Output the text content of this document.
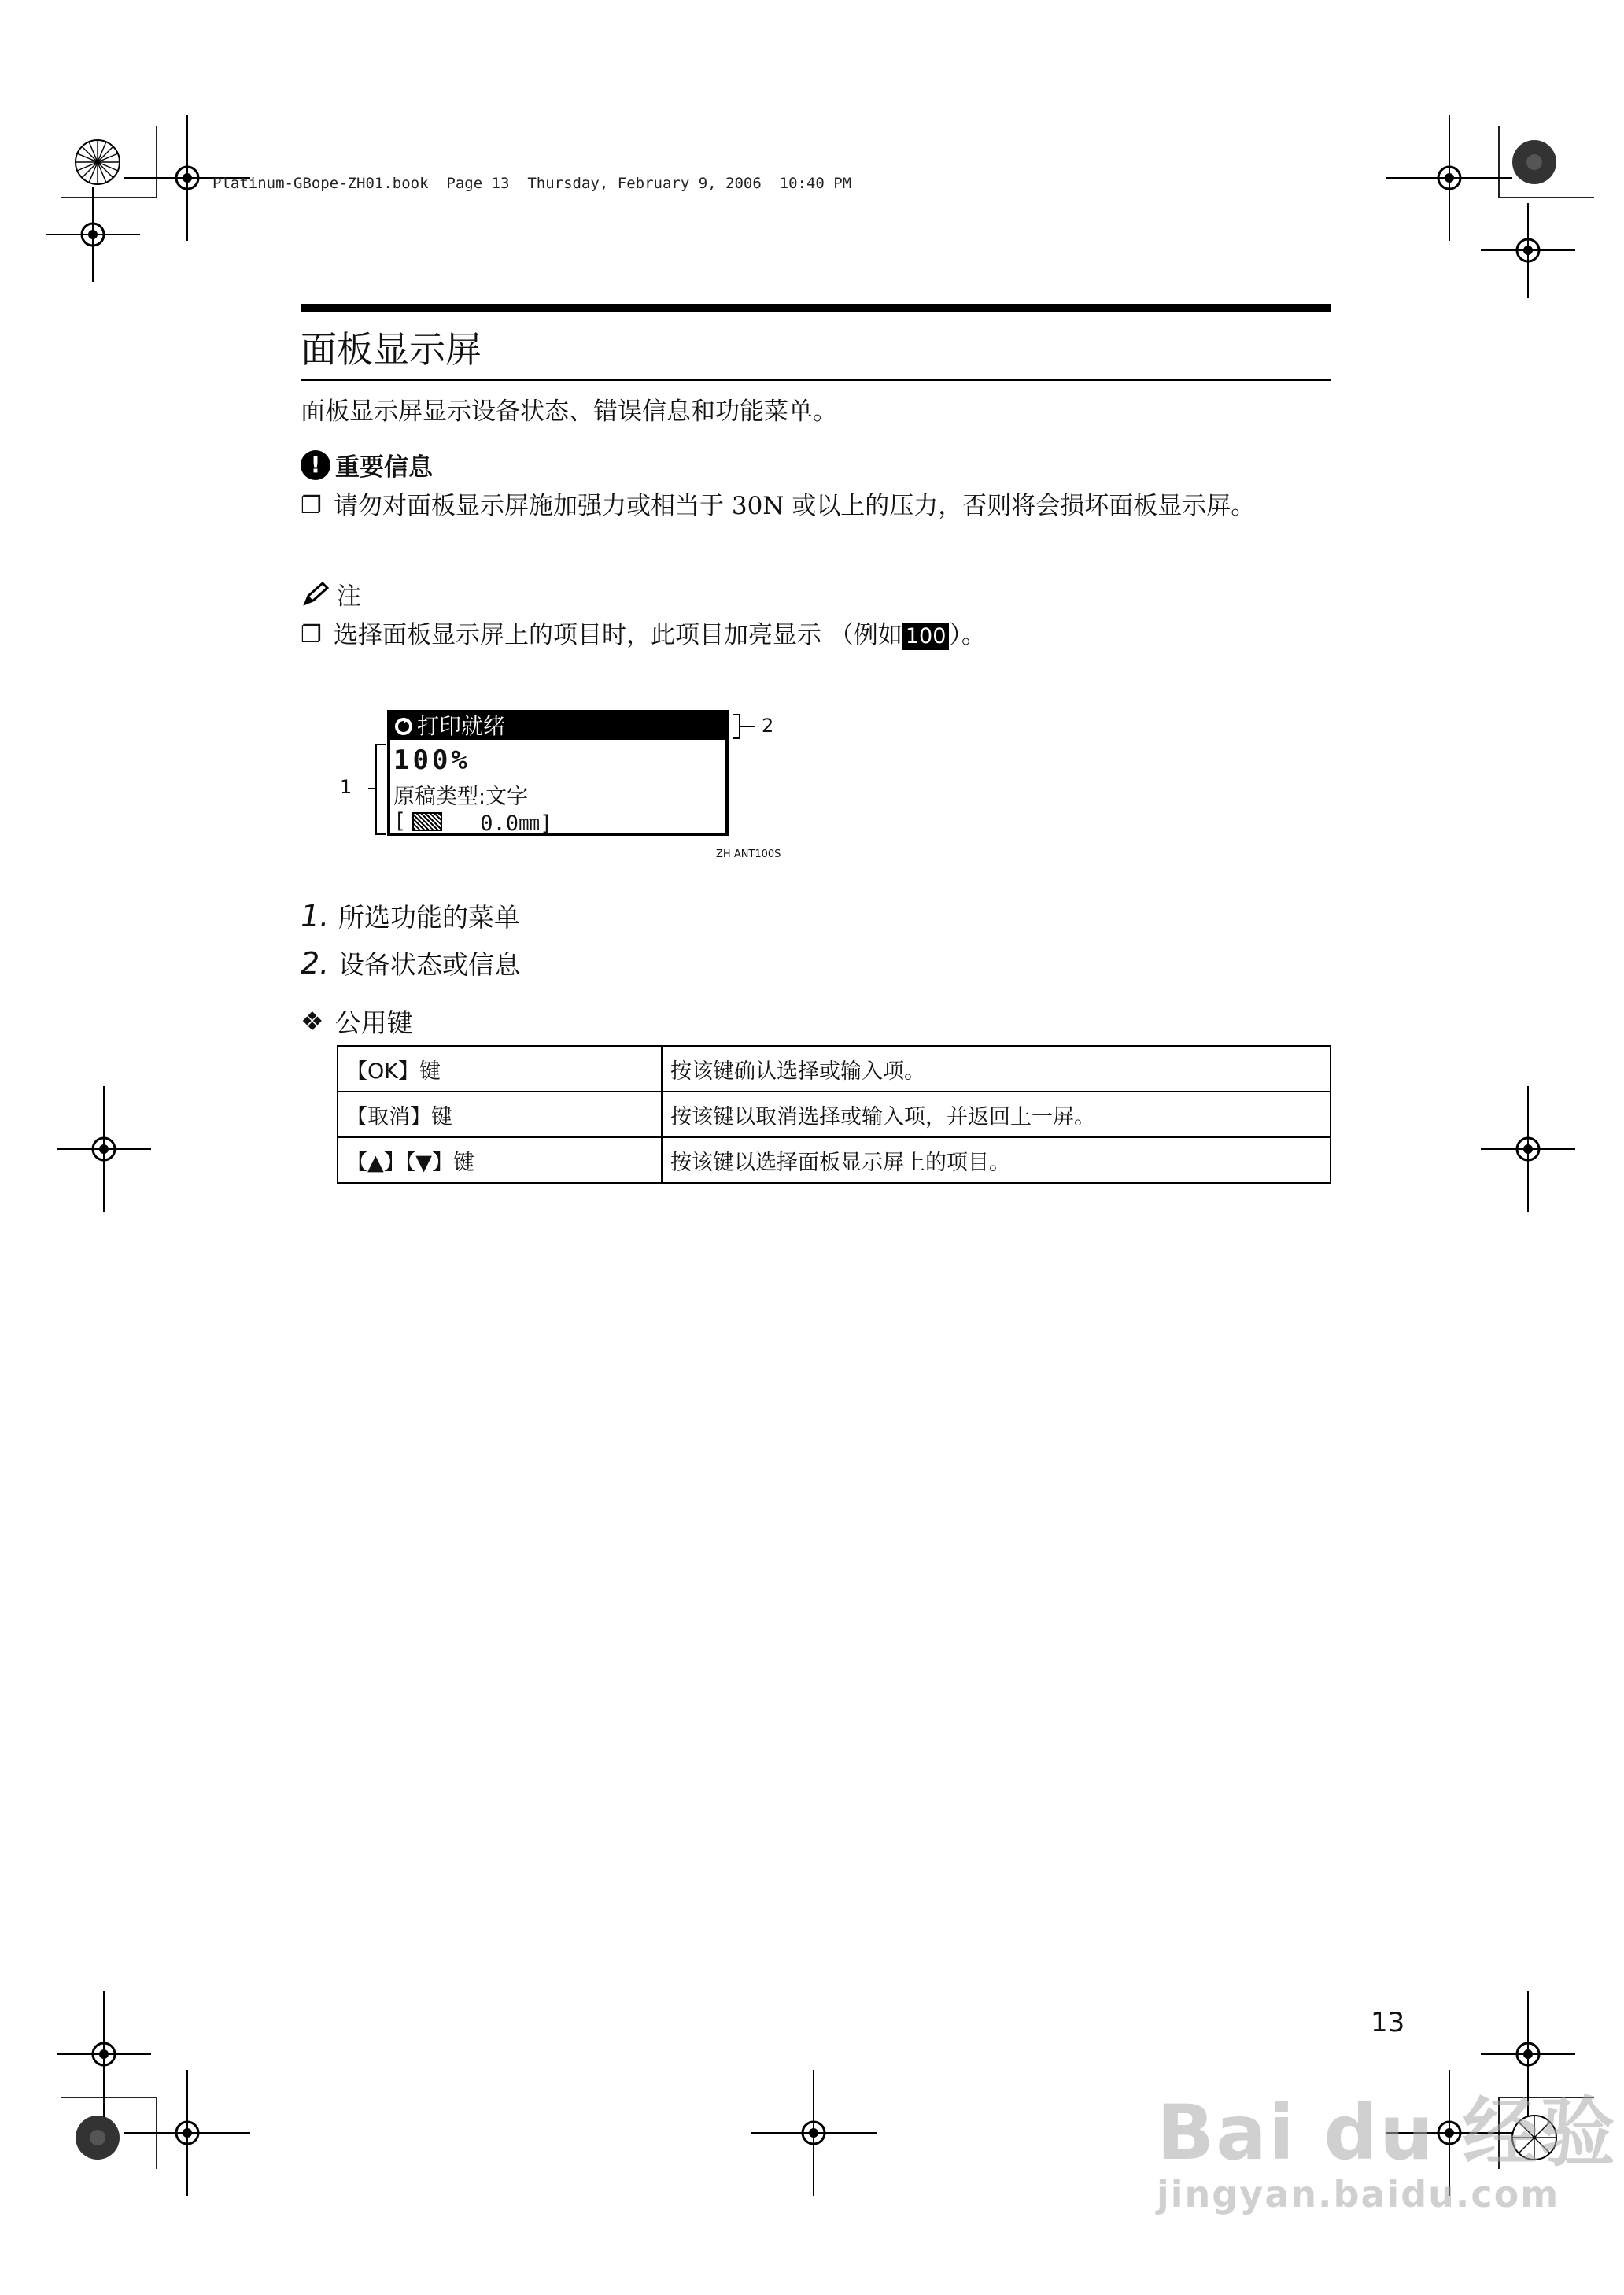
Platinum-GBope-ZH01.book  Page 13  Thursday, February 9, 2006  10:40 PM
面板显示屏
面板显示屏显示设备状态、错误信息和功能菜单。
! 重要信息
❐ 请勿对面板显示屏施加强力或相当于 30N 或以上的压力，否则将会损坏面板显示屏。
注
❐ 选择面板显示屏上的项目时，此项目加亮显示 （例如 100 ）。
打印就绪
100%
原稿类型:文字
[	0.0㎜]
1
2
ZH ANT100S
1. 所选功能的菜单
2. 设备状态或信息
❖ 公用键
【OK】键	按该键确认选择或输入项。
【取消】键	按该键以取消选择或输入项，并返回上一屏。
【▲】【▼】键	按该键以选择面板显示屏上的项目。
13
Bai du 经验
jingyan.baidu.com
